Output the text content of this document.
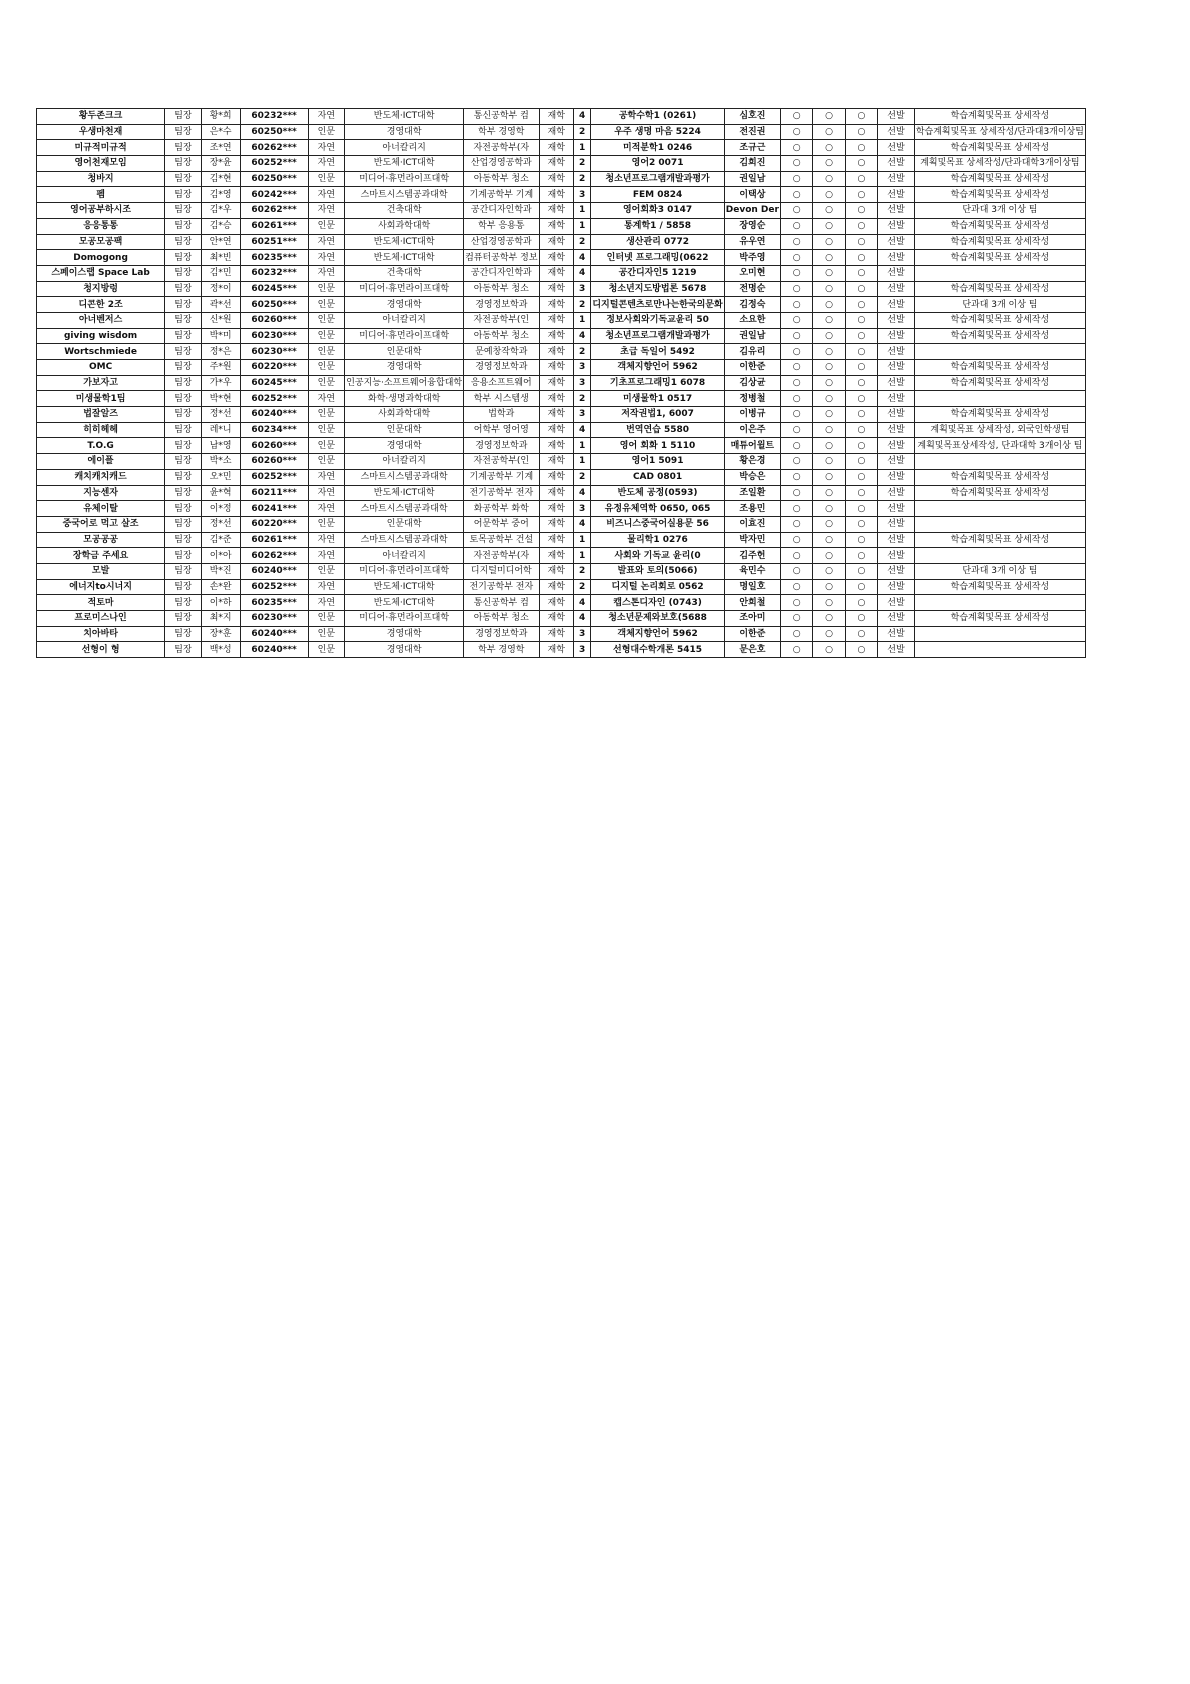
황두존크크	팀장	황*희	60232***	자연	반도체·ICT대학	통신공학부 컴	재학	4	공학수학1 (0261)	심호진	○	○	○	선발	학습계획및목표 상세작성
우생마천재	팀장	은*수	60250***	인문	경영대학	학부 경영학	재학	2	우주 생명 마음 5224	전진권	○	○	○	선발	학습계획및목표 상세작성/단과대3개이상팀
미규적미규적	팀장	조*연	60262***	자연	아너칼리지	자전공학부(자	재학	1	미적분학1 0246	조규근	○	○	○	선발	학습계획및목표 상세작성
영어천재모임	팀장	장*윤	60252***	자연	반도체·ICT대학	산업경영공학과	재학	2	영어2 0071	김희진	○	○	○	선발	계획및목표 상세작성/단과대학3개이상팀
청바지	팀장	김*현	60250***	인문	미디어·휴먼라이프대학	아동학부 청소	재학	2	청소년프로그램개발과평가	권일남	○	○	○	선발	학습계획및목표 상세작성
펨	팀장	김*영	60242***	자연	스마트시스템공과대학	기계공학부 기계	재학	3	FEM 0824	이택상	○	○	○	선발	학습계획및목표 상세작성
영어공부하시조	팀장	김*우	60262***	자연	건축대학	공간디자인학과	재학	1	영어회화3 0147	Devon Der	○	○	○	선발	단과대 3개 이상 팀
응응통통	팀장	김*승	60261***	인문	사회과학대학	학부 응용통	재학	1	통계학1 / 5858	장영순	○	○	○	선발	학습계획및목표 상세작성
모공모공팩	팀장	안*연	60251***	자연	반도체·ICT대학	산업경영공학과	재학	2	생산관리 0772	유우연	○	○	○	선발	학습계획및목표 상세작성
Domogong	팀장	최*빈	60235***	자연	반도체·ICT대학	컴퓨터공학부 정보	재학	4	인터넷 프로그래밍(0622	박주영	○	○	○	선발	학습계획및목표 상세작성
스페이스랩 Space Lab	팀장	김*민	60232***	자연	건축대학	공간디자인학과	재학	4	공간디자인5 1219	오미현	○	○	○	선발	
청지방렁	팀장	정*이	60245***	인문	미디어·휴먼라이프대학	아동학부 청소	재학	3	청소년지도방법론 5678	전명순	○	○	○	선발	학습계획및목표 상세작성
디콘한 2조	팀장	곽*선	60250***	인문	경영대학	경영정보학과	재학	2	디지털콘텐츠로만나는한국의문화	김정숙	○	○	○	선발	단과대 3개 이상 팀
아너벤저스	팀장	신*원	60260***	인문	아너칼리지	자전공학부(인	재학	1	정보사회와기독교윤리 50	소요한	○	○	○	선발	학습계획및목표 상세작성
giving wisdom	팀장	박*미	60230***	인문	미디어·휴먼라이프대학	아동학부 청소	재학	4	청소년프로그램개발과평가	권일남	○	○	○	선발	학습계획및목표 상세작성
Wortschmiede	팀장	정*은	60230***	인문	인문대학	문예창작학과	재학	2	초급 독일어 5492	김유리	○	○	○	선발	
OMC	팀장	주*원	60220***	인문	경영대학	경영정보학과	재학	3	객체지향언어 5962	이한준	○	○	○	선발	학습계획및목표 상세작성
가보자고	팀장	가*우	60245***	인문	인공지능·소프트웨어융합대학	응용소프트웨어	재학	3	기초프로그래밍1 6078	김상균	○	○	○	선발	학습계획및목표 상세작성
미생물학1팀	팀장	박*현	60252***	자연	화학·생명과학대학	학부 시스템생	재학	2	미생물학1 0517	정병철	○	○	○	선발	
법잘알즈	팀장	정*선	60240***	인문	사회과학대학	법학과	재학	3	저작권법1, 6007	이병규	○	○	○	선발	학습계획및목표 상세작성
히히헤헤	팀장	레*니	60234***	인문	인문대학	어학부 영어영	재학	4	번역연습 5580	이은주	○	○	○	선발	계획및목표 상세작성, 외국인학생팀
T.O.G	팀장	남*영	60260***	인문	경영대학	경영정보학과	재학	1	영어 회화 1 5110	매튜어윌트	○	○	○	선발	계획및목표상세작성, 단과대학 3개이상 팀
에이플	팀장	박*소	60260***	인문	아너칼리지	자전공학부(인	재학	1	영어1 5091	황은경	○	○	○	선발	
캐치캐치캐드	팀장	오*민	60252***	자연	스마트시스템공과대학	기계공학부 기계	재학	2	CAD 0801	박승은	○	○	○	선발	학습계획및목표 상세작성
지능센자	팀장	윤*혁	60211***	자연	반도체·ICT대학	전기공학부 전자	재학	4	반도체 공정(0593)	조일환	○	○	○	선발	학습계획및목표 상세작성
유체이탈	팀장	이*정	60241***	자연	스마트시스템공과대학	화공학부 화학	재학	3	유정유체역학 0650, 065	조용민	○	○	○	선발	
중국어로 먹고 살조	팀장	정*선	60220***	인문	인문대학	어문학부 중어	재학	4	비즈니스중국어실용문 56	이효진	○	○	○	선발	
모공공공	팀장	김*준	60261***	자연	스마트시스템공과대학	토목공학부 건설	재학	1	물리학1 0276	박자민	○	○	○	선발	학습계획및목표 상세작성
장학금 주세요	팀장	이*아	60262***	자연	아너칼리지	자전공학부(자	재학	1	사회와 기독교 윤리(0	김주헌	○	○	○	선발	
모발	팀장	박*진	60240***	인문	미디어·휴먼라이프대학	디지털미디어학	재학	2	발표와 토의(5066)	육민수	○	○	○	선발	단과대 3개 이상 팀
에너지to시너지	팀장	손*완	60252***	자연	반도체·ICT대학	전기공학부 전자	재학	2	디지털 논리회로 0562	명일호	○	○	○	선발	학습계획및목표 상세작성
적토마	팀장	이*하	60235***	자연	반도체·ICT대학	통신공학부 컴	재학	4	캡스톤디자인 (0743)	안희철	○	○	○	선발	
프로미스나인	팀장	최*지	60230***	인문	미디어·휴먼라이프대학	아동학부 청소	재학	4	청소년문제와보호(5688	조아미	○	○	○	선발	학습계획및목표 상세작성
치아바타	팀장	장*훈	60240***	인문	경영대학	경영정보학과	재학	3	객체지향언어 5962	이한준	○	○	○	선발	
선형이 형	팀장	백*성	60240***	인문	경영대학	학부 경영학	재학	3	선형대수학개론 5415	문은호	○	○	○	선발	
